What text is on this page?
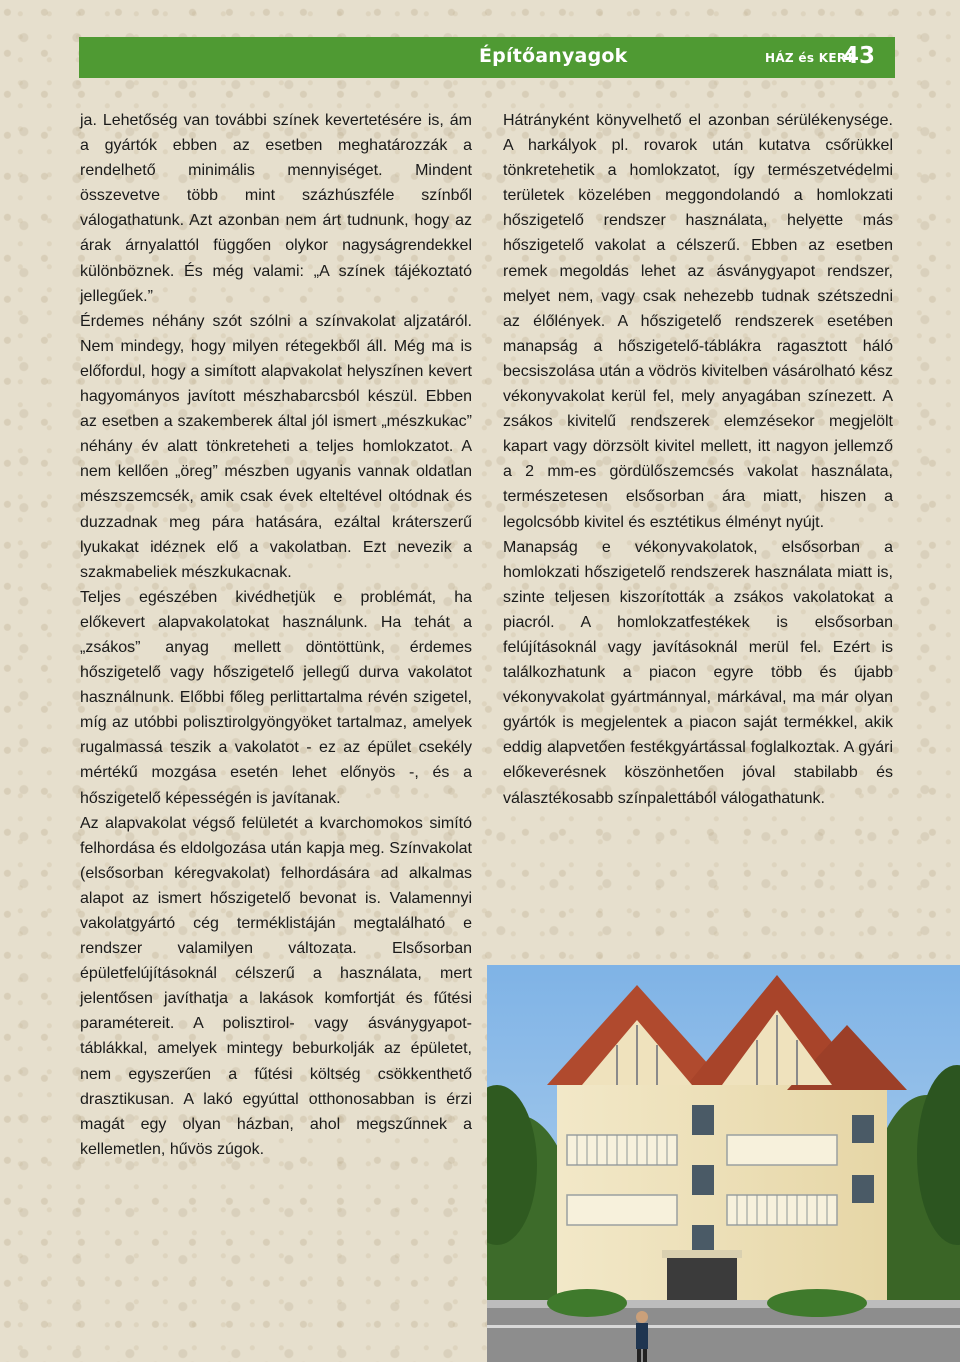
Építőanyagok	HÁZ és KERT
43

ja. Lehetőség van további színek kevertetésére is, ám a gyártók ebben az esetben meghatározzák a rendelhető minimális mennyiséget. Mindent összevetve több mint százhúszféle színből válogathatunk. Azt azonban nem árt tudnunk, hogy az árak árnyalattól függően olykor nagyságrendekkel különböznek. És még valami: „A színek tájékoztató jellegűek.”

Érdemes néhány szót szólni a színvakolat aljzatáról. Nem mindegy, hogy milyen rétegekből áll. Még ma is előfordul, hogy a simított alapvakolat helyszínen kevert hagyományos javított mészhabarcsból készül. Ebben az esetben a szakemberek által jól ismert „mészkukac” néhány év alatt tönkreteheti a teljes homlokzatot. A nem kellően „öreg” mészben ugyanis vannak oldatlan mészszemcsék, amik csak évek elteltével oltódnak és duzzadnak meg pára hatására, ezáltal kráterszerű lyukakat idéznek elő a vakolatban. Ezt nevezik a szakmabeliek mészkukacnak.

Teljes egészében kivédhetjük e problémát, ha előkevert alapvakolatokat használunk. Ha tehát a „zsákos” anyag mellett döntöttünk, érdemes hőszigetelő vagy hőszigetelő jellegű durva vakolatot használnunk. Előbbi főleg perlittartalma révén szigetel, míg az utóbbi polisztirolgyöngyöket tartalmaz, amelyek rugalmassá teszik a vakolatot - ez az épület csekély mértékű mozgása esetén lehet előnyös -, és a hőszigetelő képességén is javítanak.

Az alapvakolat végső felületét a kvarchomokos simító felhordása és eldolgozása után kapja meg. Színvakolat (elsősorban kéregvakolat) felhordására ad alkalmas alapot az ismert hőszigetelő bevonat is. Valamennyi vakolatgyártó cég terméklistáján megtalálható e rendszer valamilyen változata. Elsősorban épületfelújításoknál célszerű a használata, mert jelentősen javíthatja a lakások komfortját és fűtési paramétereit. A polisztirol- vagy ásványgyapot-táblákkal, amelyek mintegy beburkolják az épületet, nem egyszerűen a fűtési költség csökkenthető drasztikusan. A lakó egyúttal otthonosabban is érzi magát egy olyan házban, ahol megszűnnek a kellemetlen, hűvös zúgok.

Hátrányként könyvelhető el azonban sérülékenysége. A harkályok pl. rovarok után kutatva csőrükkel tönkretehetik a homlokzatot, így természetvédelmi területek közelében meggondolandó a homlokzati hőszigetelő rendszer használata, helyette más hőszigetelő vakolat a célszerű. Ebben az esetben remek megoldás lehet az ásványgyapot rendszer, melyet nem, vagy csak nehezebb tudnak szétszedni az élőlények. A hőszigetelő rendszerek esetében manapság a hőszigetelő-táblákra ragasztott háló becsiszolása után a vödrös kivitelben vásárolható kész vékonyvakolat kerül fel, mely anyagában színezett. A zsákos kivitelű rendszerek elemzésekor megjelölt kapart vagy dörzsölt kivitel mellett, itt nagyon jellemző a 2 mm-es gördülőszemcsés vakolat használata, természetesen elsősorban ára miatt, hiszen a legolcsóbb kivitel és esztétikus élményt nyújt.

Manapság e vékonyvakolatok, elsősorban a homlokzati hőszigetelő rendszerek használata miatt is, szinte teljesen kiszorították a zsákos vakolatokat a piacról. A homlokzatfestékek is elsősorban felújításoknál vagy javításoknál merül fel. Ezért is találkozhatunk a piacon egyre több és újabb vékonyvakolat gyártmánnyal, márkával, ma már olyan gyártók is megjelentek a piacon saját termékkel, akik eddig alapvetően festékgyártással foglalkoztak. A gyári előkeverésnek köszönhetően jóval stabilabb és választékosabb színpalettából válogathatunk.
